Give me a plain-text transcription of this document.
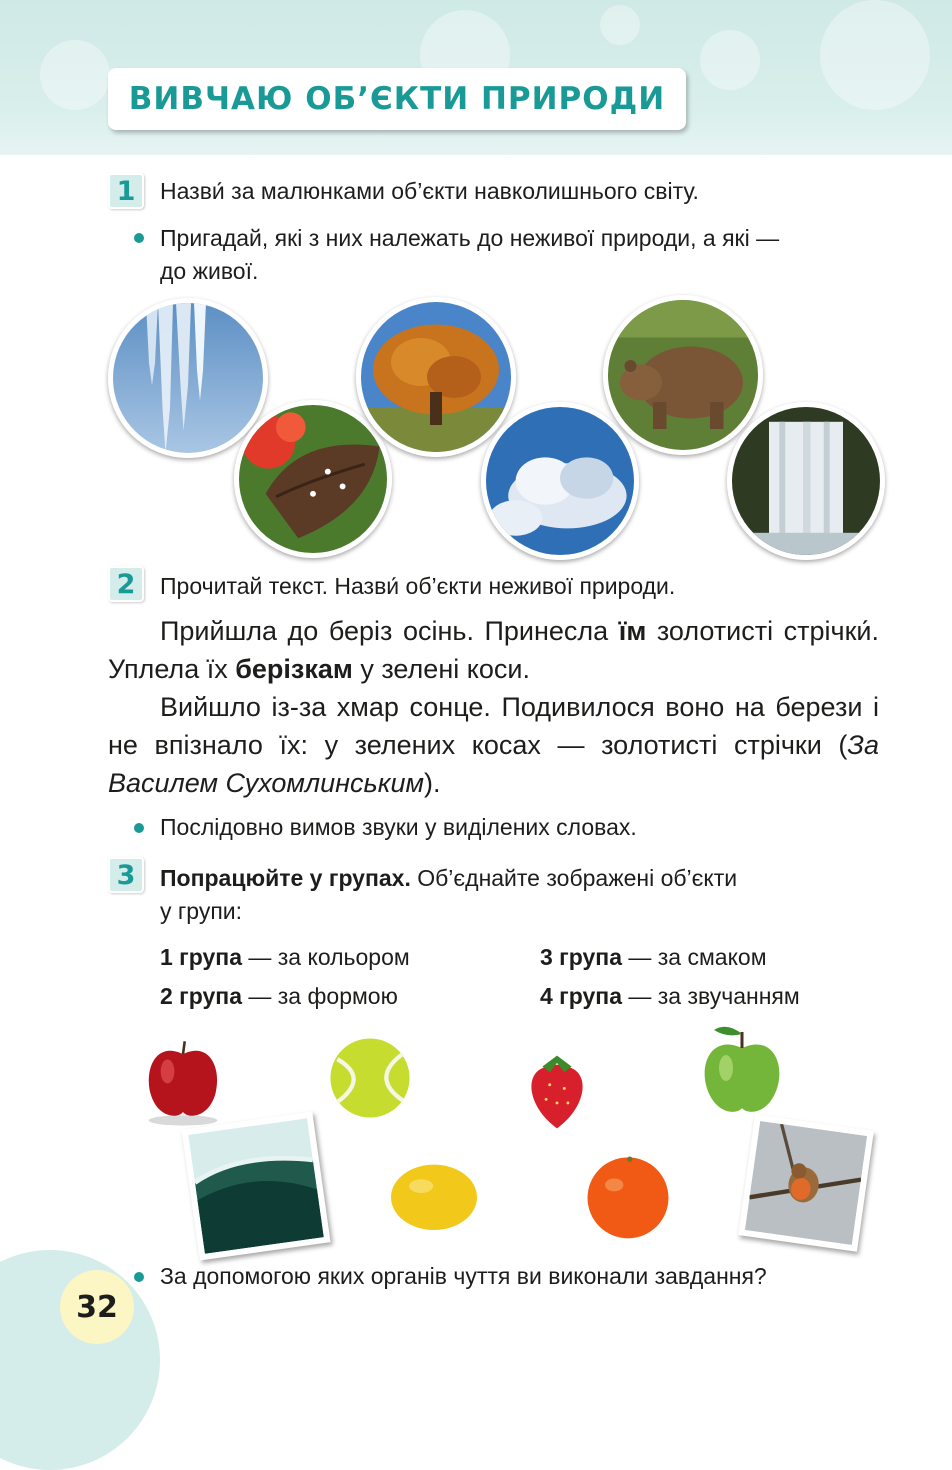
ВИВЧАЮ ОБ’ЄКТИ ПРИРОДИ
1	Назви́ за малюнками об’єкти навколишнього світу.
Пригадай, які з них належать до неживої природи, а які —
до живої.
2	Прочитай текст. Назви́ об’єкти неживої природи.

Прийшла до беріз осінь. Принесла їм золотисті стрічки́. Уплела їх берізкам у зелені коси.

Вийшло із-за хмар сонце. Подивилося воно на берези і не впізнало їх: у зелених косах — золотисті стрічки (За Василем Сухомлинським).

Послідовно вимов звуки у виділених словах.
3	Попрацюйте у групах. Об’єднайте зображені об’єкти
у групи:
1 група — за кольором
2 група — за формою
3 група — за смаком
4 група — за звучанням
За допомогою яких органів чуття ви виконали завдання?
32
